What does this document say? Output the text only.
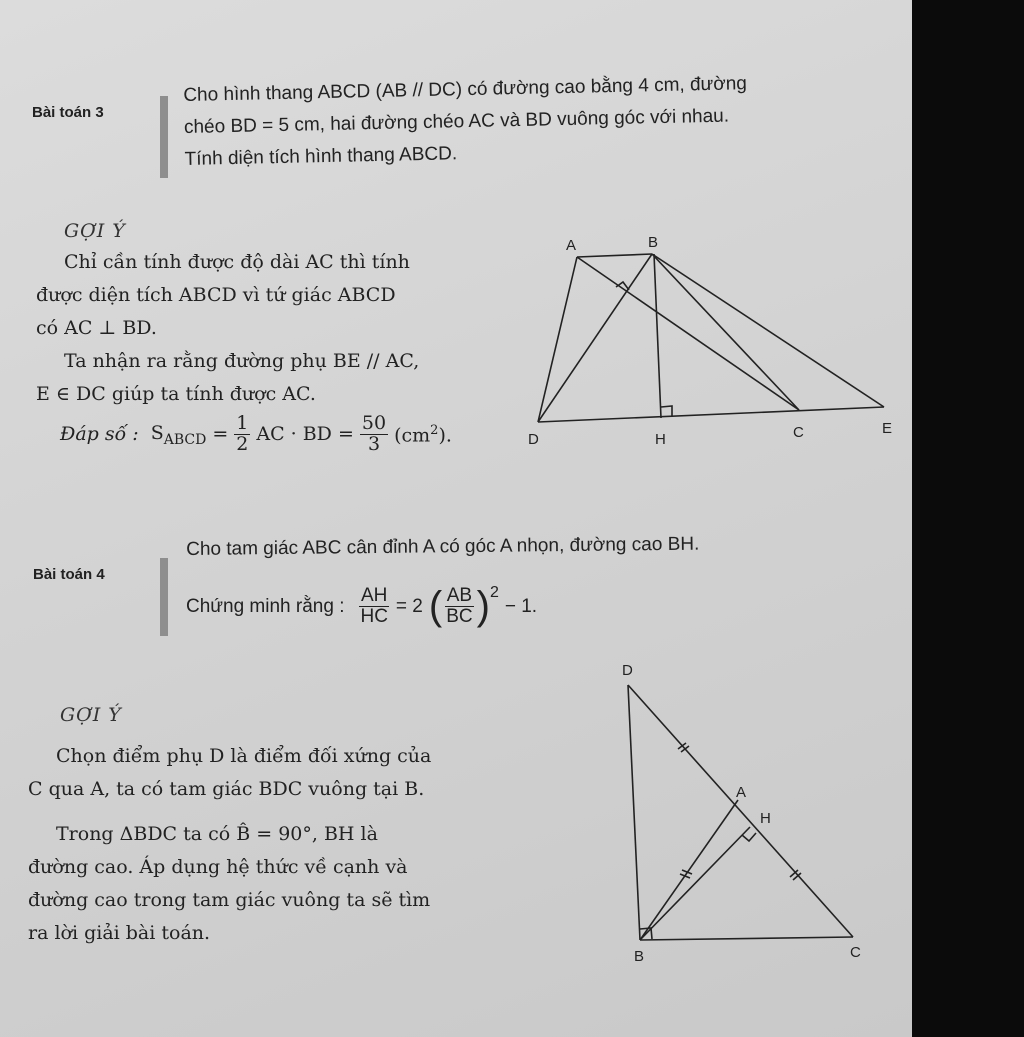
Bài toán 3
Cho hình thang ABCD (AB // DC) có đường cao bằng 4 cm, đường
chéo BD = 5 cm, hai đường chéo AC và BD vuông góc với nhau.
Tính diện tích hình thang ABCD.
GỢI Ý

Chỉ cần tính được độ dài AC thì tính

được diện tích ABCD vì tứ giác ABCD

có AC ⊥ BD.

Ta nhận ra rằng đường phụ BE // AC,

E ∈ DC giúp ta tính được AC.

Đáp số : $S_{ABCD} = \frac{1}{2}$ AC · BD = $\frac{50}{3} (cm^2)$.
A	B
D	H	C	E
Bài toán 4
Cho tam giác ABC cân đỉnh A có góc A nhọn, đường cao BH.
Chứng minh rằng : $\frac{AH}{HC} = 2$ ( $\frac{AB}{BC} )^2$
− 1.
GỢI Ý

Chọn điểm phụ D là điểm đối xứng của

C qua A, ta có tam giác BDC vuông tại B.

Trong ΔBDC ta có B̂ = 90°, BH là

đường cao. Áp dụng hệ thức về cạnh và

đường cao trong tam giác vuông ta sẽ tìm

ra lời giải bài toán.

D
A
H
B	C
